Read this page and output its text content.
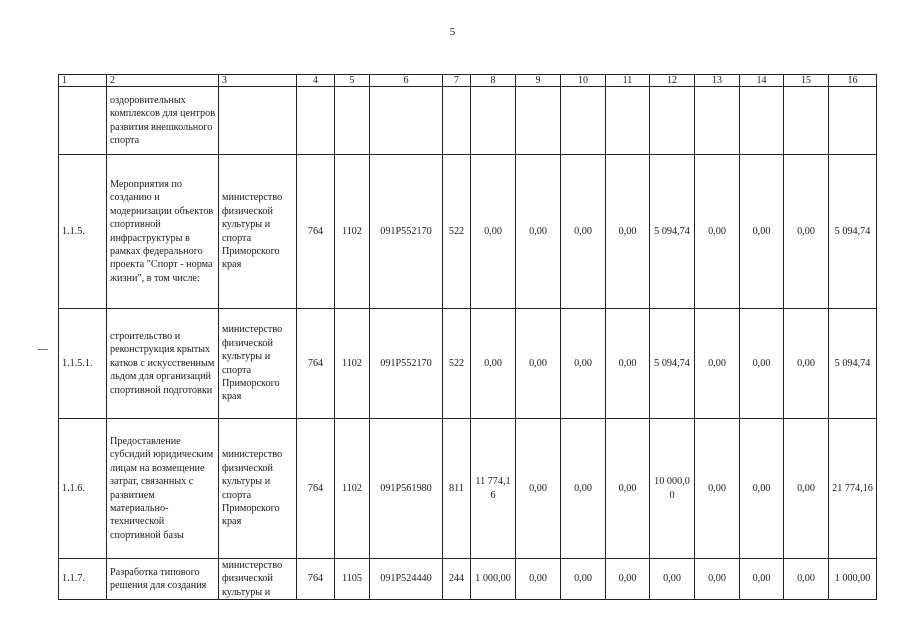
5
1	2	3	4	5	6	7	8	9	10	11	12	13	14	15	16
	оздоровительных комплексов для центров развития внешкольного спорта														
1.1.5.	Мероприятия по созданию и модернизации объектов спортивной инфраструктуры в рамках федерального проекта "Спорт - норма жизни", в том числе:	министерство физической культуры и спорта Приморского края	764	1102	091P552170	522	0,00	0,00	0,00	0,00	5 094,74	0,00	0,00	0,00	5 094,74
1.1.5.1.	строительство и реконструкция крытых катков с искусственным льдом для организаций спортивной подготовки	министерство физической культуры и спорта Приморского края	764	1102	091P552170	522	0,00	0,00	0,00	0,00	5 094,74	0,00	0,00	0,00	5 094,74
1.1.6.	Предоставление субсидий юридическим лицам на возмещение затрат, связанных с развитием материально-технической спортивной базы	министерство физической культуры и спорта Приморского края	764	1102	091P561980	811	11 774,16	0,00	0,00	0,00	10 000,00	0,00	0,00	0,00	21 774,16
1.1.7.	Разработка типового решения для создания	министерство физической культуры и	764	1105	091P524440	244	1 000,00	0,00	0,00	0,00	0,00	0,00	0,00	0,00	1 000,00
